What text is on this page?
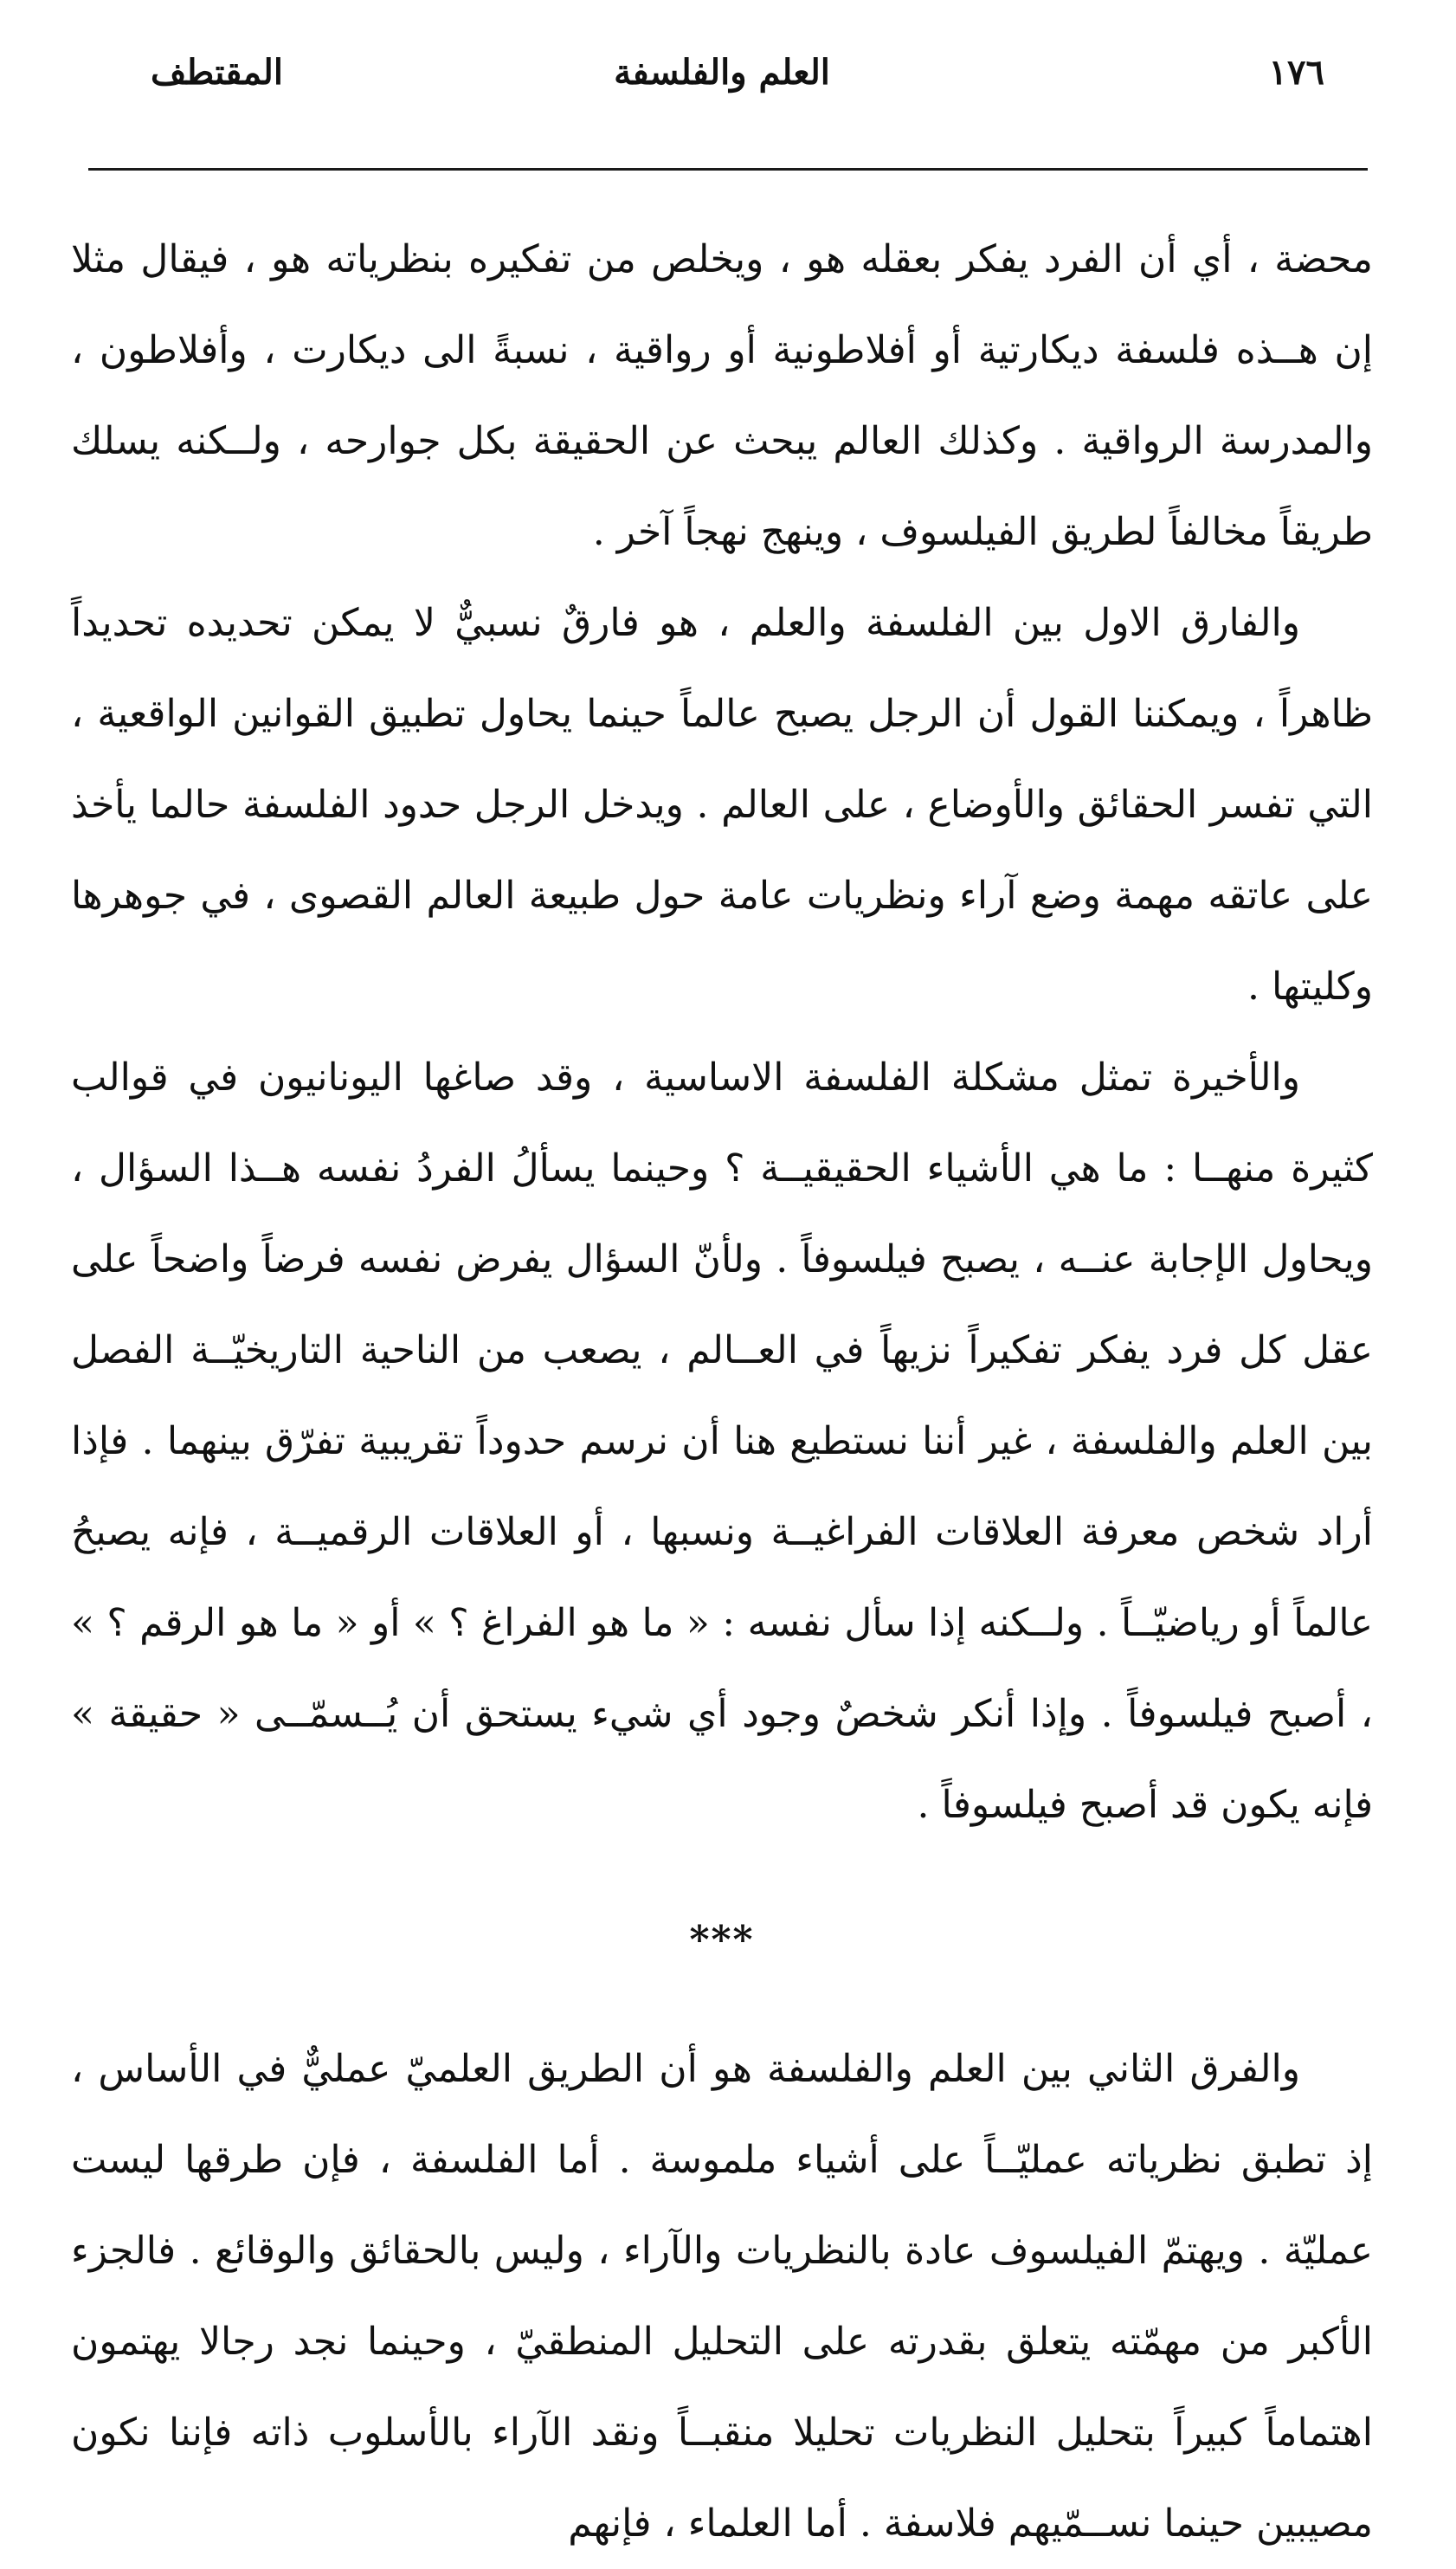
١٧٦
العلم والفلسفة
المقتطف

محضة ، أي أن الفرد يفكر بعقله هو ، ويخلص من تفكيره بنظرياته هو ، فيقال مثلا إن هــذه فلسفة ديكارتية أو أفلاطونية أو رواقية ، نسبةً الى ديكارت ، وأفلاطون ، والمدرسة الرواقية . وكذلك العالم يبحث عن الحقيقة بكل جوارحه ، ولــكنه يسلك طريقاً مخالفاً لطريق الفيلسوف ، وينهج نهجاً آخر .

والفارق الاول بين الفلسفة والعلم ، هو فارقٌ نسبيٌّ لا يمكن تحديده تحديداً ظاهراً ، ويمكننا القول أن الرجل يصبح عالماً حينما يحاول تطبيق القوانين الواقعية ، التي تفسر الحقائق والأوضاع ، على العالم . ويدخل الرجل حدود الفلسفة حالما يأخذ على عاتقه مهمة وضع آراء ونظريات عامة حول طبيعة العالم القصوى ، في جوهرها وكليتها .

والأخيرة تمثل مشكلة الفلسفة الاساسية ، وقد صاغها اليونانيون في قوالب كثيرة منهــا : ما هي الأشياء الحقيقيــة ؟ وحينما يسألُ الفردُ نفسه هــذا السؤال ، ويحاول الإجابة عنــه ، يصبح فيلسوفاً . ولأنّ السؤال يفرض نفسه فرضاً واضحاً على عقل كل فرد يفكر تفكيراً نزيهاً في العــالم ، يصعب من الناحية التاريخيّــة الفصل بين العلم والفلسفة ، غير أننا نستطيع هنا أن نرسم حدوداً تقريبية تفرّق بينهما . فإذا أراد شخص معرفة العلاقات الفراغيــة ونسبها ، أو العلاقات الرقميــة ، فإنه يصبحُ عالماً أو رياضيّــاً . ولــكنه إذا سأل نفسه : « ما هو الفراغ ؟ » أو « ما هو الرقم ؟ » ، أصبح فيلسوفاً . وإذا أنكر شخصٌ وجود أي شيء يستحق أن يُــسمّــى « حقيقة » فإنه يكون قد أصبح فيلسوفاً .

***

والفرق الثاني بين العلم والفلسفة هو أن الطريق العلميّ عمليٌّ في الأساس ، إذ تطبق نظرياته عمليّــاً على أشياء ملموسة . أما الفلسفة ، فإن طرقها ليست عمليّة . ويهتمّ الفيلسوف عادة بالنظريات والآراء ، وليس بالحقائق والوقائع . فالجزء الأكبر من مهمّته يتعلق بقدرته على التحليل المنطقيّ ، وحينما نجد رجالا يهتمون اهتماماً كبيراً بتحليل النظريات تحليلا منقبــاً ونقد الآراء بالأسلوب ذاته فإننا نكون مصيبين حينما نســمّيهم فلاسفة . أما العلماء ، فإنهم
